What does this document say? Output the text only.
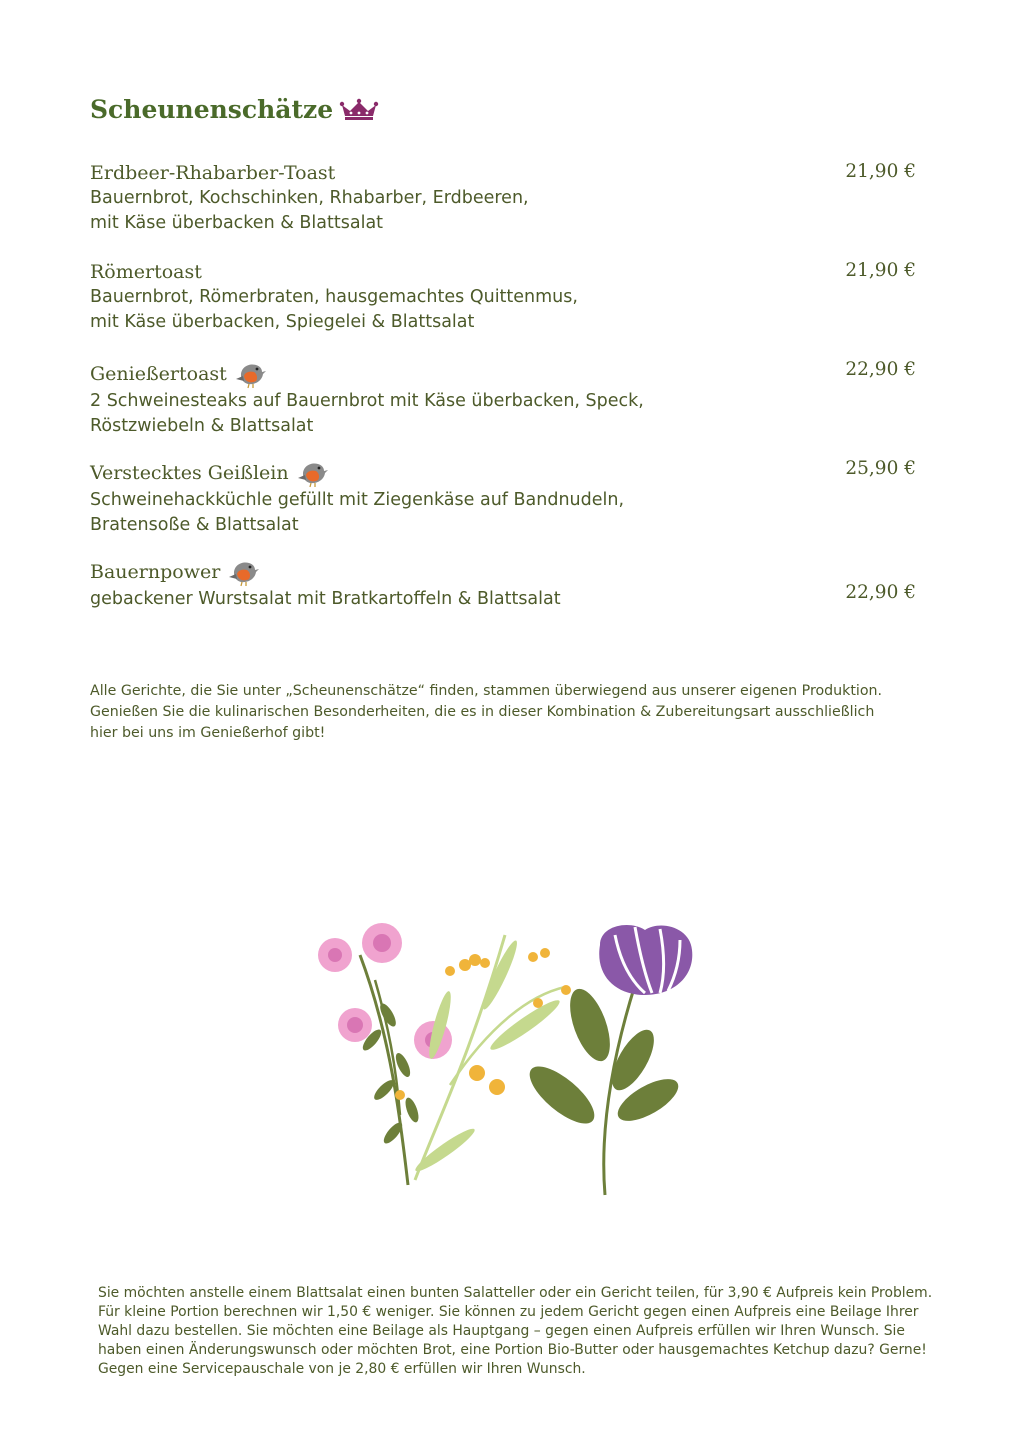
Scheunenschätze
Erdbeer-Rhabarber-Toast	21,90 €
Bauernbrot, Kochschinken, Rhabarber, Erdbeeren,
mit Käse überbacken & Blattsalat
Römertoast	21,90 €
Bauernbrot, Römerbraten, hausgemachtes Quittenmus,
mit Käse überbacken, Spiegelei & Blattsalat
Genießertoast	22,90 €
2 Schweinesteaks auf Bauernbrot mit Käse überbacken, Speck,
Röstzwiebeln & Blattsalat
Verstecktes Geißlein	25,90 €
Schweinehackküchle gefüllt mit Ziegenkäse auf Bandnudeln,
Bratensoße & Blattsalat
Bauernpower
gebackener Wurstsalat mit Bratkartoffeln & Blattsalat	22,90 €
Alle Gerichte, die Sie unter „Scheunenschätze“ finden, stammen überwiegend aus unserer eigenen Produktion.
Genießen Sie die kulinarischen Besonderheiten, die es in dieser Kombination & Zubereitungsart ausschließlich
hier bei uns im Genießerhof gibt!
Sie möchten anstelle einem Blattsalat einen bunten Salatteller oder ein Gericht teilen, für 3,90 € Aufpreis kein Problem.
Für kleine Portion berechnen wir 1,50 € weniger. Sie können zu jedem Gericht gegen einen Aufpreis eine Beilage Ihrer
Wahl dazu bestellen. Sie möchten eine Beilage als Hauptgang – gegen einen Aufpreis erfüllen wir Ihren Wunsch. Sie
haben einen Änderungswunsch oder möchten Brot, eine Portion Bio-Butter oder hausgemachtes Ketchup dazu? Gerne!
Gegen eine Servicepauschale von je 2,80 € erfüllen wir Ihren Wunsch.
